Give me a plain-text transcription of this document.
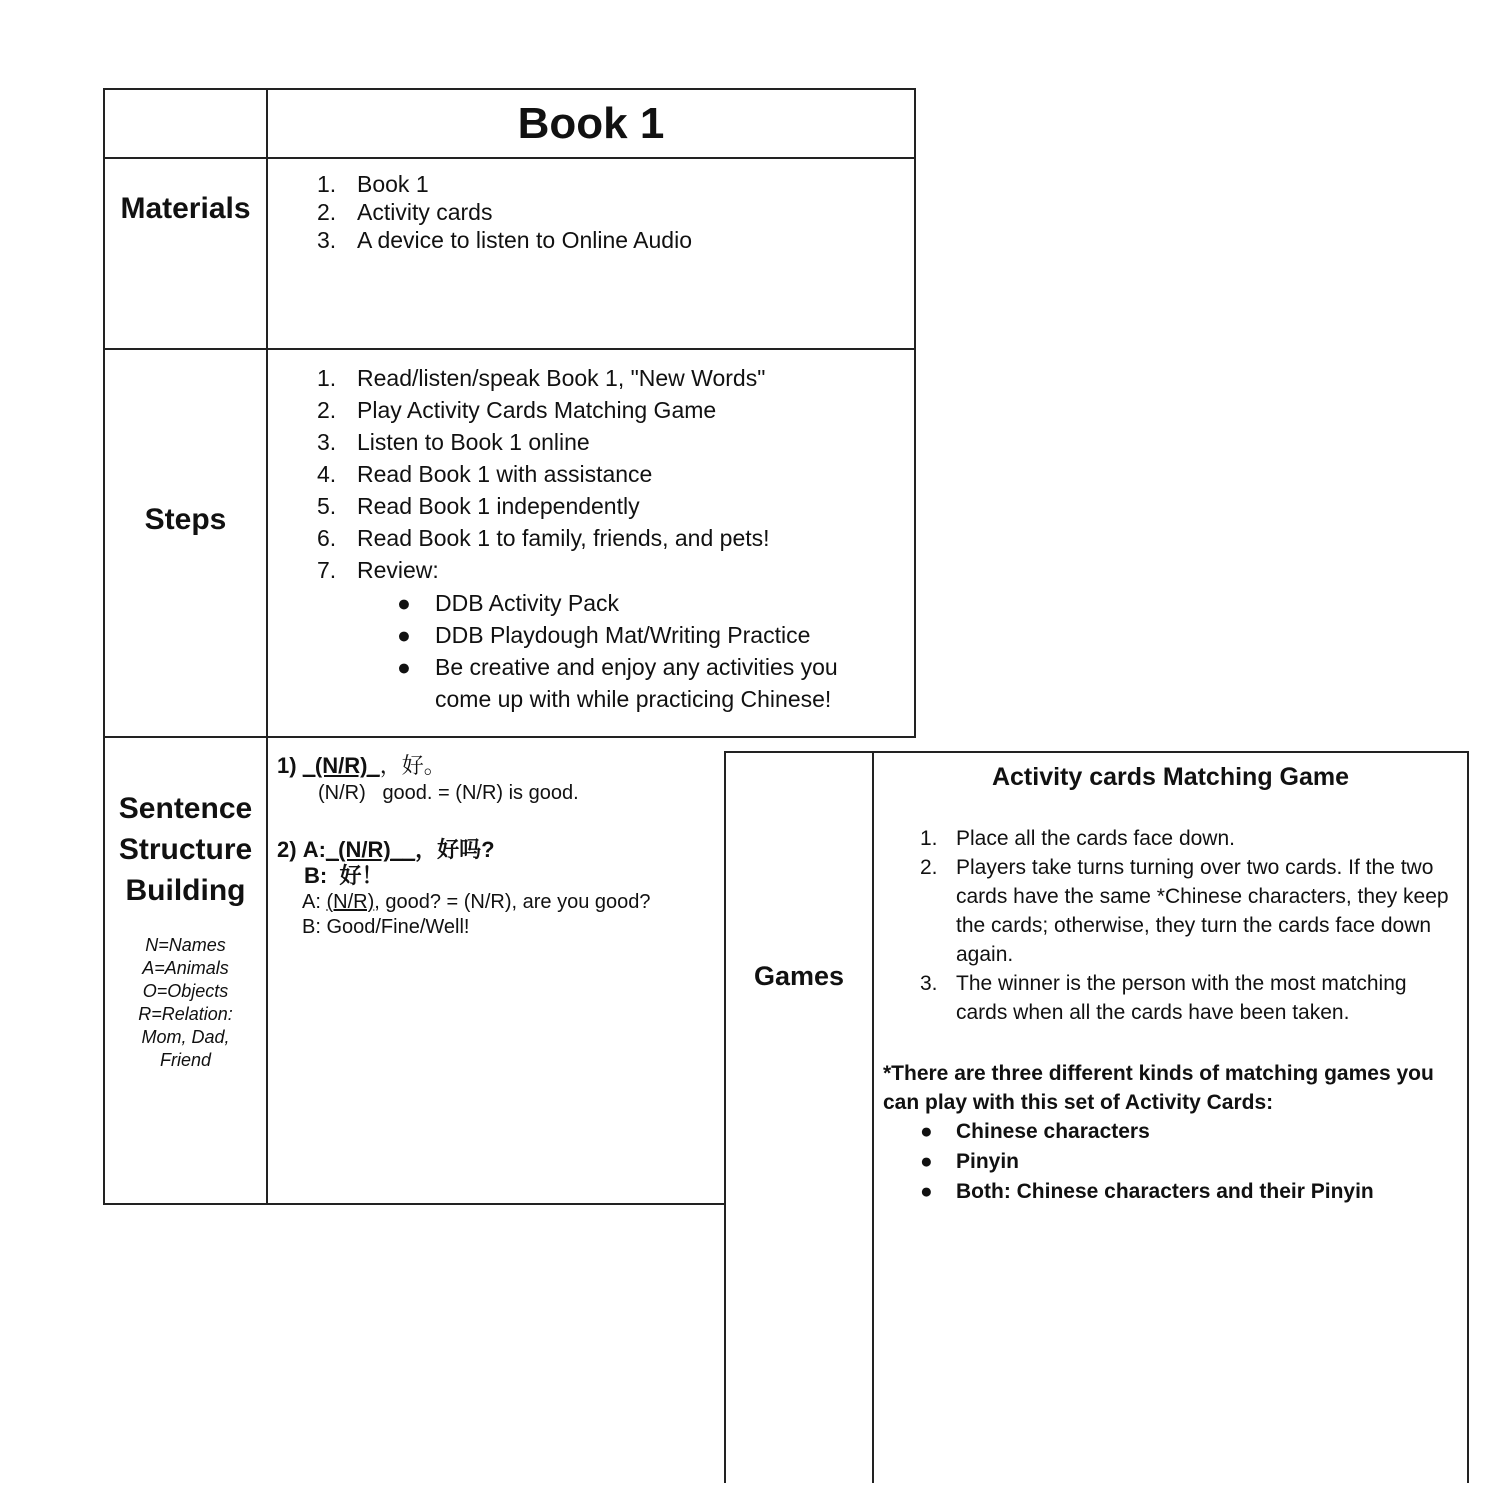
Book 1
Materials
1. Book 1
2. Activity cards
3. A device to listen to Online Audio
Steps
1. Read/listen/speak Book 1, "New Words"
2. Play Activity Cards Matching Game
3. Listen to Book 1 online
4. Read Book 1 with assistance
5. Read Book 1 independently
6. Read Book 1 to family, friends, and pets!
7. Review:
● DDB Activity Pack
● DDB Playdough Mat/Writing Practice
● Be creative and enjoy any activities you come up with while practicing Chinese!
Sentence
Structure
Building
N=Names
A=Animals
O=Objects
R=Relation:
Mom, Dad,
Friend
1) _(N/R)_，好。
(N/R) good. = (N/R) is good.
2) A:_(N/R)__，好吗?
B: 好！
A: (N/R), good? = (N/R), are you good?
B: Good/Fine/Well!
Games
Activity cards Matching Game
1. Place all the cards face down.
2. Players take turns turning over two cards. If the two cards have the same *Chinese characters, they keep the cards; otherwise, they turn the cards face down again.
3. The winner is the person with the most matching cards when all the cards have been taken.
*There are three different kinds of matching games you can play with this set of Activity Cards:
● Chinese characters
● Pinyin
● Both: Chinese characters and their Pinyin
